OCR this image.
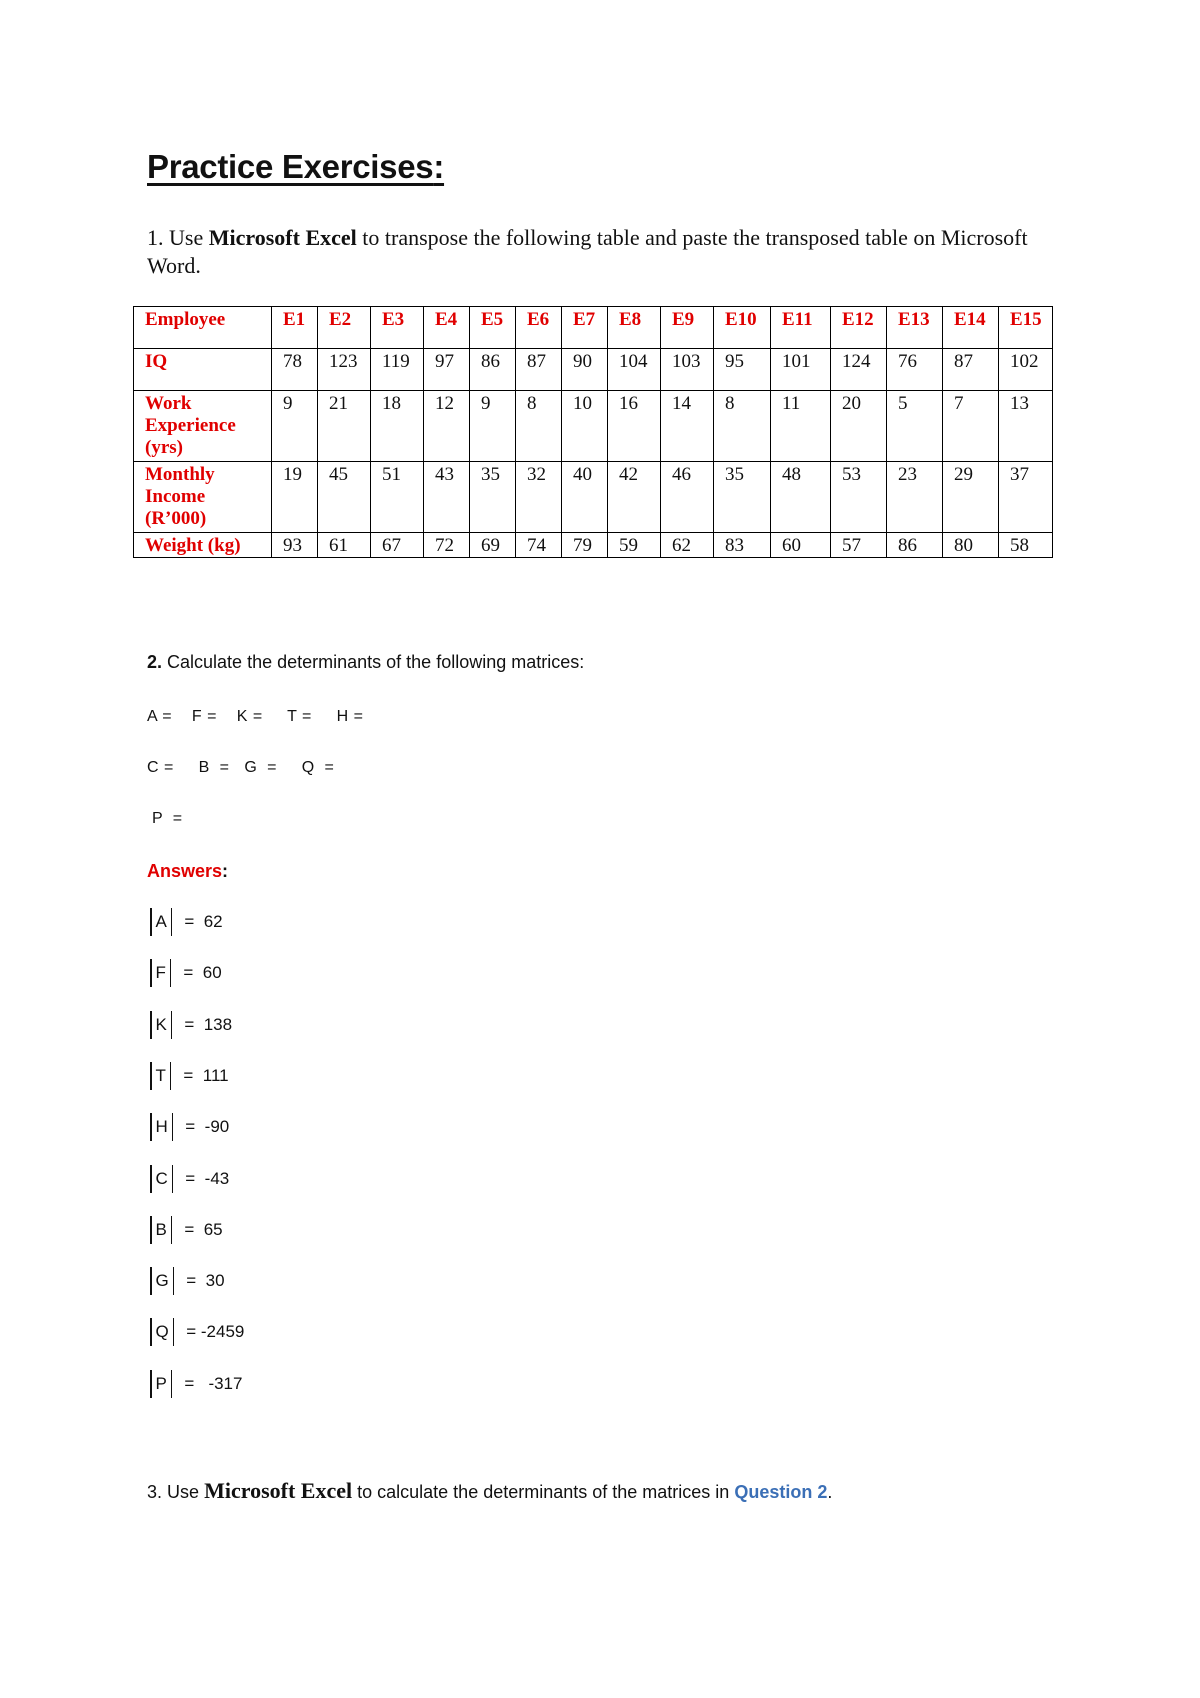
Practice Exercises:
1. Use Microsoft Excel to transpose the following table and paste the transposed table on Microsoft Word.
Employee	E1	E2	E3	E4	E5	E6	E7	E8	E9	E10	E11	E12	E13	E14	E15
IQ	78	123	119	97	86	87	90	104	103	95	101	124	76	87	102
Work Experience (yrs)	9	21	18	12	9	8	10	16	14	8	11	20	5	7	13
Monthly Income (R’000)	19	45	51	43	35	32	40	42	46	35	48	53	23	29	37
Weight (kg)	93	61	67	72	69	74	79	59	62	83	60	57	86	80	58
2. Calculate the determinants of the following matrices:
A =    F =    K =     T =     H =
C =     B  =   G  =     Q  =
P  =
Answers:
A =  62
F =  60
K =  138
T =  111
H =  -90
C =  -43
B =  65
G =  30
Q = -2459
P =   -317
3. Use Microsoft Excel to calculate the determinants of the matrices in Question 2.
